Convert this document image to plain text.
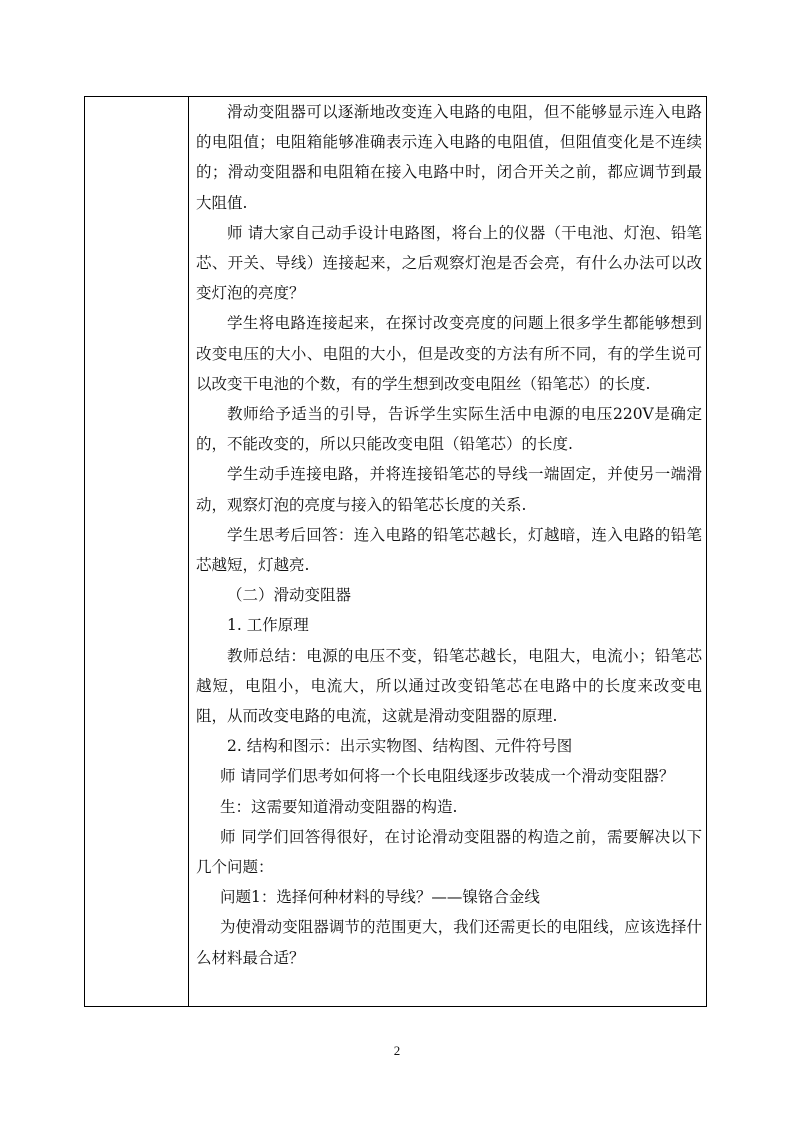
滑动变阻器可以逐渐地改变连入电路的电阻，但不能够显示连入电路的电阻值；电阻箱能够准确表示连入电路的电阻值，但阻值变化是不连续的；滑动变阻器和电阻箱在接入电路中时，闭合开关之前，都应调节到最大阻值.

师 请大家自己动手设计电路图，将台上的仪器（干电池、灯泡、铅笔芯、开关、导线）连接起来，之后观察灯泡是否会亮，有什么办法可以改变灯泡的亮度？

学生将电路连接起来，在探讨改变亮度的问题上很多学生都能够想到改变电压的大小、电阻的大小，但是改变的方法有所不同，有的学生说可以改变干电池的个数，有的学生想到改变电阻丝（铅笔芯）的长度.

教师给予适当的引导，告诉学生实际生活中电源的电压220V是确定的，不能改变的，所以只能改变电阻（铅笔芯）的长度.

学生动手连接电路，并将连接铅笔芯的导线一端固定，并使另一端滑动，观察灯泡的亮度与接入的铅笔芯长度的关系.

学生思考后回答：连入电路的铅笔芯越长，灯越暗，连入电路的铅笔芯越短，灯越亮.

（二）滑动变阻器

1. 工作原理

教师总结：电源的电压不变，铅笔芯越长，电阻大，电流小；铅笔芯越短，电阻小，电流大，所以通过改变铅笔芯在电路中的长度来改变电阻，从而改变电路的电流，这就是滑动变阻器的原理.

2. 结构和图示：出示实物图、结构图、元件符号图

师 请同学们思考如何将一个长电阻线逐步改装成一个滑动变阻器？

生：这需要知道滑动变阻器的构造.

师 同学们回答得很好，在讨论滑动变阻器的构造之前，需要解决以下几个问题：

问题1：选择何种材料的导线？——镍铬合金线

为使滑动变阻器调节的范围更大，我们还需更长的电阻线，应该选择什么材料最合适？

2
